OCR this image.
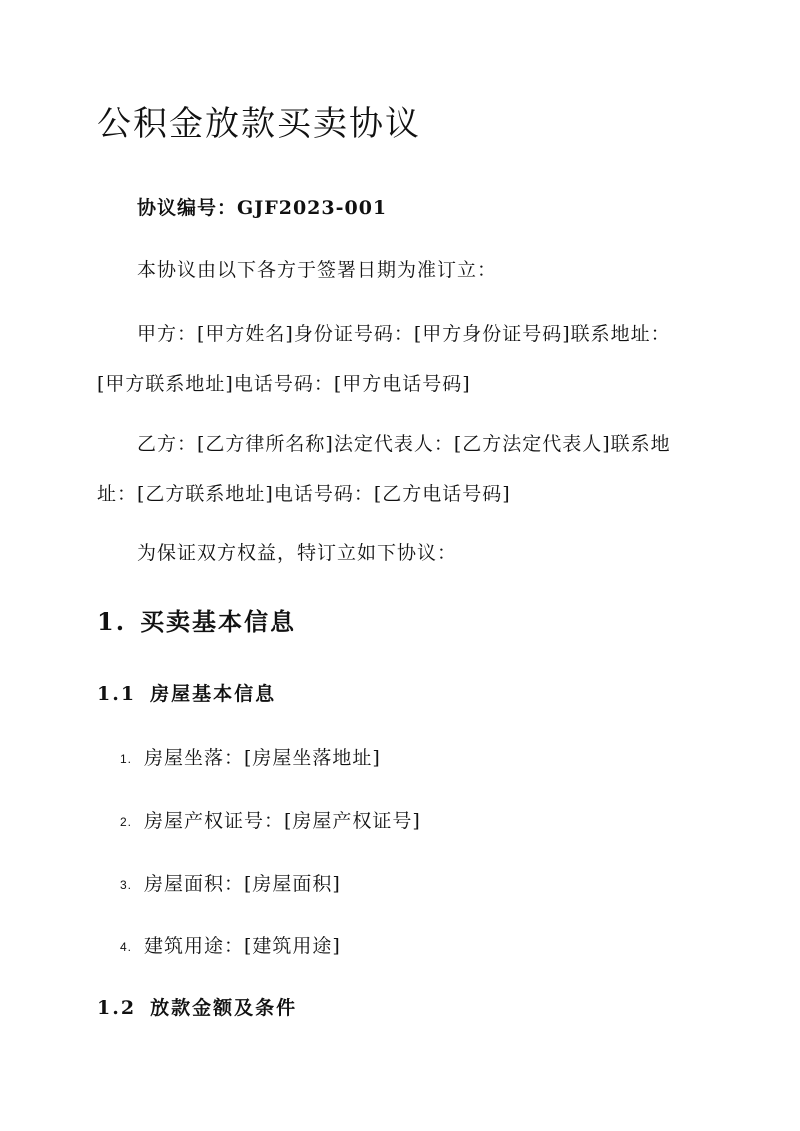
公积金放款买卖协议

协议编号：GJF2023-001

本协议由以下各方于签署日期为准订立：

甲方：[甲方姓名]身份证号码：[甲方身份证号码]联系地址：[甲方联系地址]电话号码：[甲方电话号码]

乙方：[乙方律所名称]法定代表人：[乙方法定代表人]联系地址：[乙方联系地址]电话号码：[乙方电话号码]

为保证双方权益，特订立如下协议：

1. 买卖基本信息
1.1 房屋基本信息

1. 房屋坐落：[房屋坐落地址]

2. 房屋产权证号：[房屋产权证号]

3. 房屋面积：[房屋面积]

4. 建筑用途：[建筑用途]

1.2 放款金额及条件
